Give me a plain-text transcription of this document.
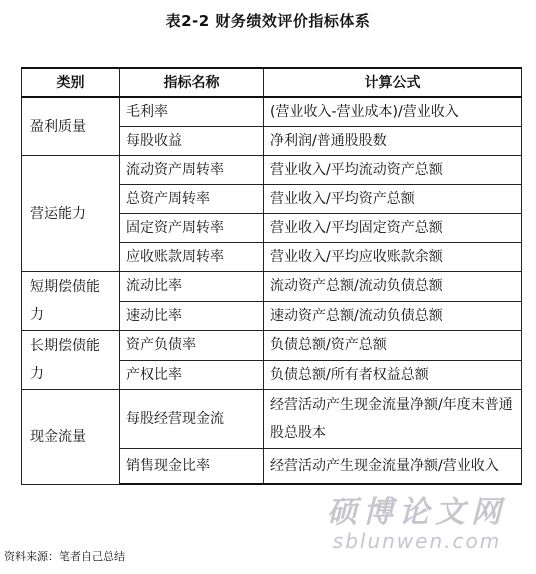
表2-2 财务绩效评价指标体系
类别	指标名称	计算公式
盈利质量	毛利率	(营业收入-营业成本)/营业收入
	每股收益	净利润/普通股股数
营运能力	流动资产周转率	营业收入/平均流动资产总额
	总资产周转率	营业收入/平均资产总额
	固定资产周转率	营业收入/平均固定资产总额
	应收账款周转率	营业收入/平均应收账款余额
短期偿债能力	流动比率	流动资产总额/流动负债总额
	速动比率	速动资产总额/流动负债总额
长期偿债能力	资产负债率	负债总额/资产总额
	产权比率	负债总额/所有者权益总额
现金流量	每股经营现金流	经营活动产生现金流量净额/年度末普通股总股本
	销售现金比率	经营活动产生现金流量净额/营业收入
资料来源：笔者自己总结
硕博论文网
sblunwen.com
